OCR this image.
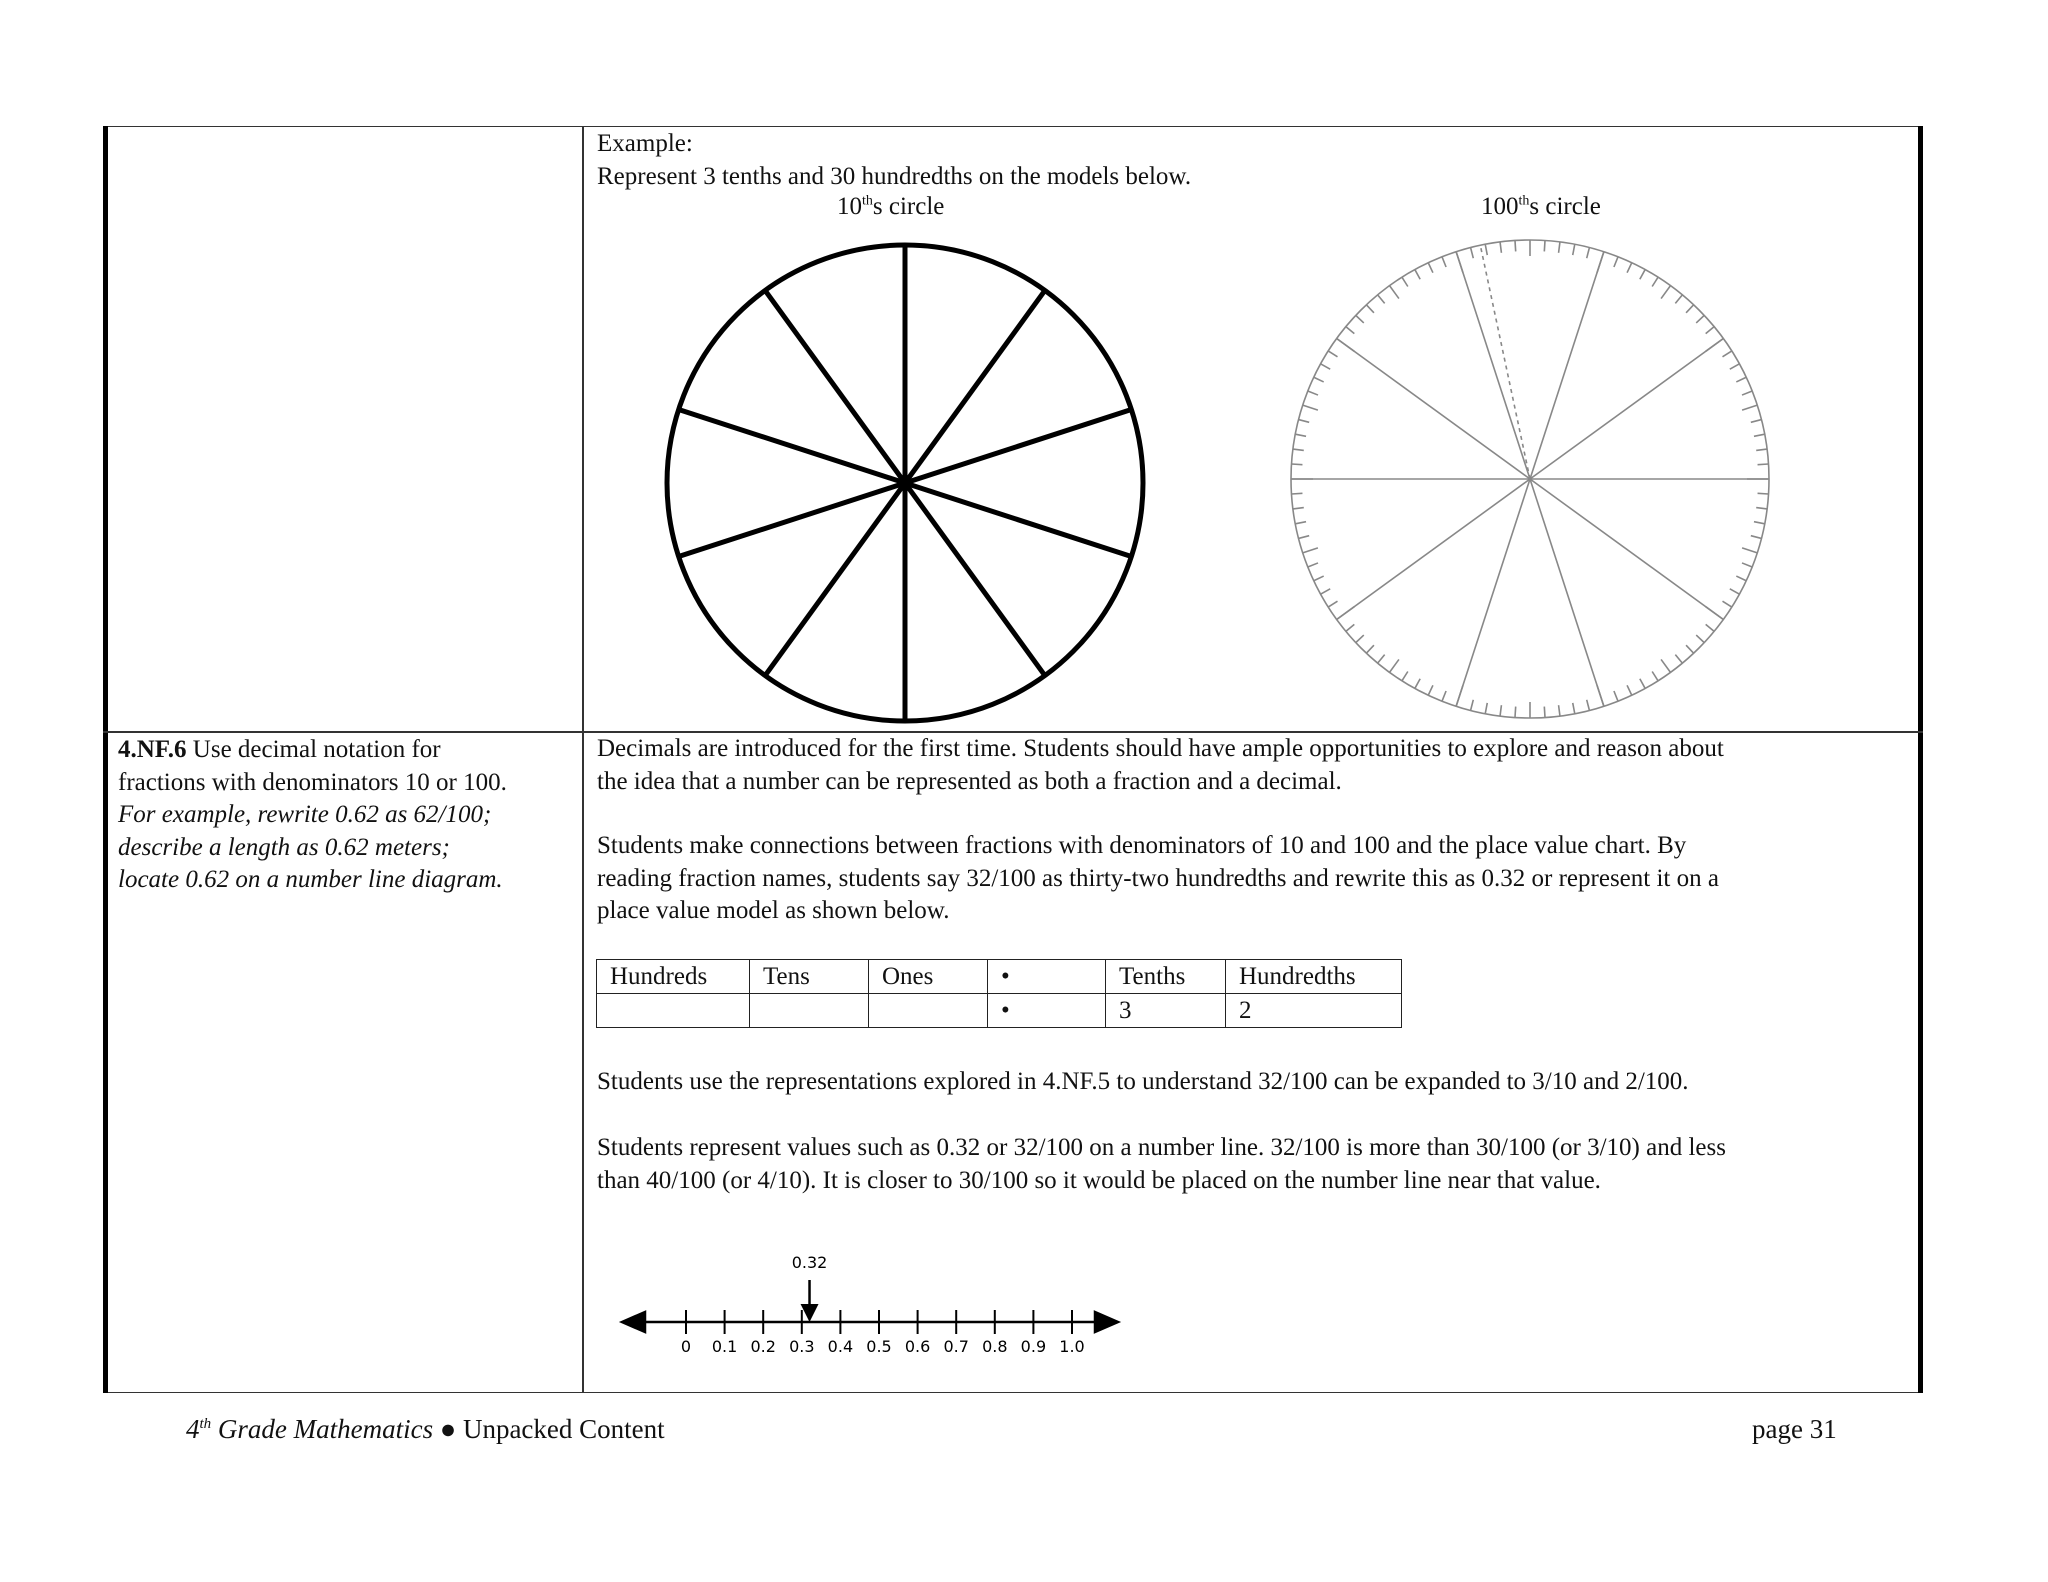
Example:
Represent 3 tenths and 30 hundredths on the models below.
10ths circle	100ths circle
4.NF.6 Use decimal notation for
fractions with denominators 10 or 100.
For example, rewrite 0.62 as 62/100;
describe a length as 0.62 meters;
locate 0.62 on a number line diagram.
Decimals are introduced for the first time. Students should have ample opportunities to explore and reason about
the idea that a number can be represented as both a fraction and a decimal.
Students make connections between fractions with denominators of 10 and 100 and the place value chart. By
reading fraction names, students say 32/100 as thirty-two hundredths and rewrite this as 0.32 or represent it on a
place value model as shown below.
Hundreds	Tens	Ones	•	Tenths	Hundredths
			•	3	2
Students use the representations explored in 4.NF.5 to understand 32/100 can be expanded to 3/10 and 2/100.
Students represent values such as 0.32 or 32/100 on a number line. 32/100 is more than 30/100 (or 3/10) and less
than 40/100 (or 4/10). It is closer to 30/100 so it would be placed on the number line near that value.
0 0.1 0.2 0.3 0.4 0.5 0.6 0.7 0.8 0.9 1.0
0.32
4th Grade Mathematics ● Unpacked Content	page 31
